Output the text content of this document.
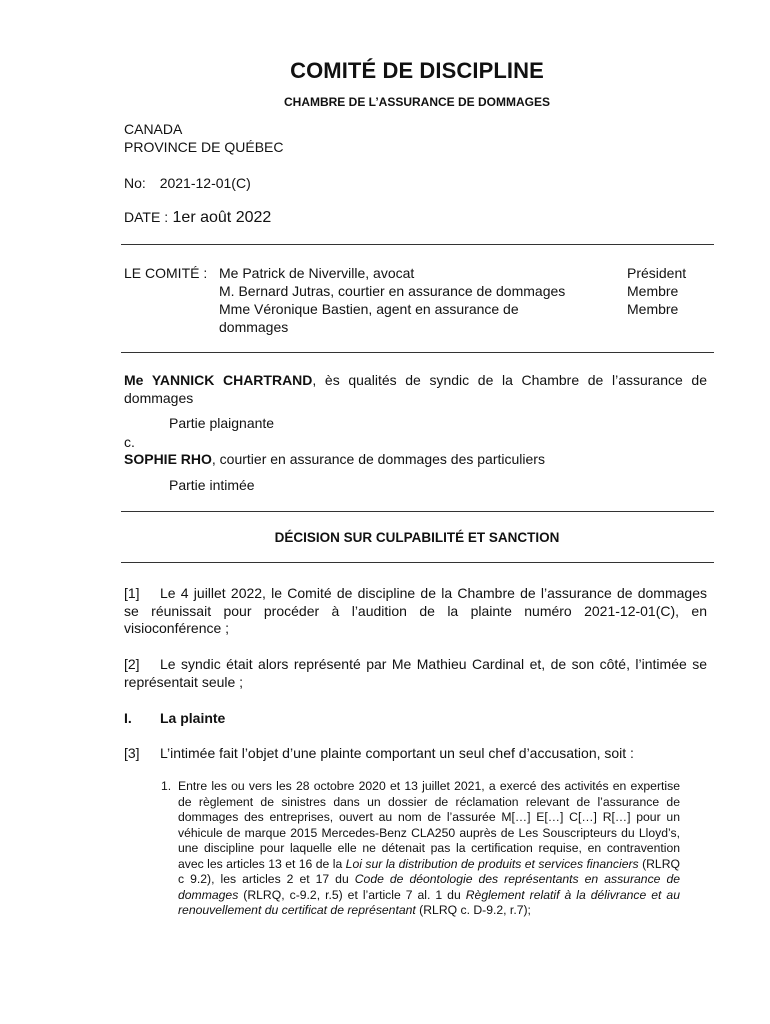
COMITÉ DE DISCIPLINE
CHAMBRE DE L’ASSURANCE DE DOMMAGES
CANADA
PROVINCE DE QUÉBEC
No: 2021-12-01(C)
DATE : 1er août 2022
LE COMITÉ : Me Patrick de Niverville, avocat
M. Bernard Jutras, courtier en assurance de dommages
Mme Véronique Bastien, agent en assurance de dommages
Président
Membre
Membre
Me YANNICK CHARTRAND, ès qualités de syndic de la Chambre de l’assurance de dommages
Partie plaignante
c.
SOPHIE RHO, courtier en assurance de dommages des particuliers
Partie intimée
DÉCISION SUR CULPABILITÉ ET SANCTION
[1] Le 4 juillet 2022, le Comité de discipline de la Chambre de l’assurance de dommages se réunissait pour procéder à l’audition de la plainte numéro 2021-12-01(C), en visioconférence ;
[2] Le syndic était alors représenté par Me Mathieu Cardinal et, de son côté, l’intimée se représentait seule ;
I. La plainte
[3] L’intimée fait l’objet d’une plainte comportant un seul chef d’accusation, soit :
1. Entre les ou vers les 28 octobre 2020 et 13 juillet 2021, a exercé des activités en expertise de règlement de sinistres dans un dossier de réclamation relevant de l’assurance de dommages des entreprises, ouvert au nom de l’assurée M[…] E[…] C[…] R[…] pour un véhicule de marque 2015 Mercedes-Benz CLA250 auprès de Les Souscripteurs du Lloyd’s, une discipline pour laquelle elle ne détenait pas la certification requise, en contravention avec les articles 13 et 16 de la Loi sur la distribution de produits et services financiers (RLRQ c 9.2), les articles 2 et 17 du Code de déontologie des représentants en assurance de dommages (RLRQ, c-9.2, r.5) et l’article 7 al. 1 du Règlement relatif à la délivrance et au renouvellement du certificat de représentant (RLRQ c. D-9.2, r.7);
